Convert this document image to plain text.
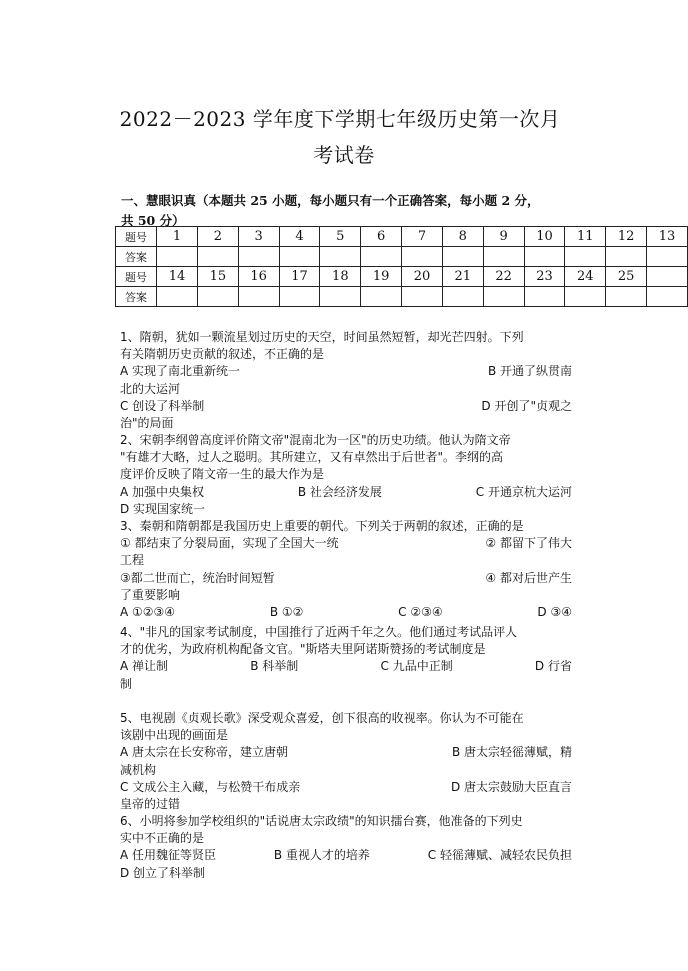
2022－2023 学年度下学期七年级历史第一次月
考试卷
一、慧眼识真（本题共 25 小题，每小题只有一个正确答案，每小题 2 分，
共 50 分）
题号	1	2	3	4	5	6	7	8	9	10	11	12	13
答案													
题号	14	15	16	17	18	19	20	21	22	23	24	25	
答案													

1、隋朝，犹如一颗流星划过历史的天空，时间虽然短暂，却光芒四射。下列

有关隋朝历史贡献的叙述，不正确的是

A 实现了南北重新统一	B 开通了纵贯南

北的大运河

C 创设了科举制	D 开创了"贞观之

治"的局面

2、宋朝李纲曾高度评价隋文帝"混南北为一区"的历史功绩。他认为隋文帝

"有雄才大略，过人之聪明。其所建立，又有卓然出于后世者"。李纲的高

度评价反映了隋文帝一生的最大作为是

A 加强中央集权	B 社会经济发展	C 开通京杭大运河

D 实现国家统一

3、秦朝和隋朝都是我国历史上重要的朝代。下列关于两朝的叙述，正确的是

① 都结束了分裂局面，实现了全国大一统	② 都留下了伟大

工程

③都二世而亡，统治时间短暂	④ 都对后世产生

了重要影响

A ①②③④	B ①②	C ②③④	D ③④

4、"非凡的国家考试制度，中国推行了近两千年之久。他们通过考试品评人

才的优劣，为政府机构配备文官。"斯塔夫里阿诺斯赞扬的考试制度是

A 禅让制	B 科举制	C 九品中正制	D 行省

制

5、电视剧《贞观长歌》深受观众喜爱，创下很高的收视率。你认为不可能在

该剧中出现的画面是

A 唐太宗在长安称帝，建立唐朝	B 唐太宗轻徭薄赋，精

减机构

C 文成公主入藏，与松赞干布成亲	D 唐太宗鼓励大臣直言

皇帝的过错

6、小明将参加学校组织的"话说唐太宗政绩"的知识擂台赛，他准备的下列史

实中不正确的是

A 任用魏征等贤臣	B 重视人才的培养	C 轻徭薄赋、减轻农民负担

D 创立了科举制
